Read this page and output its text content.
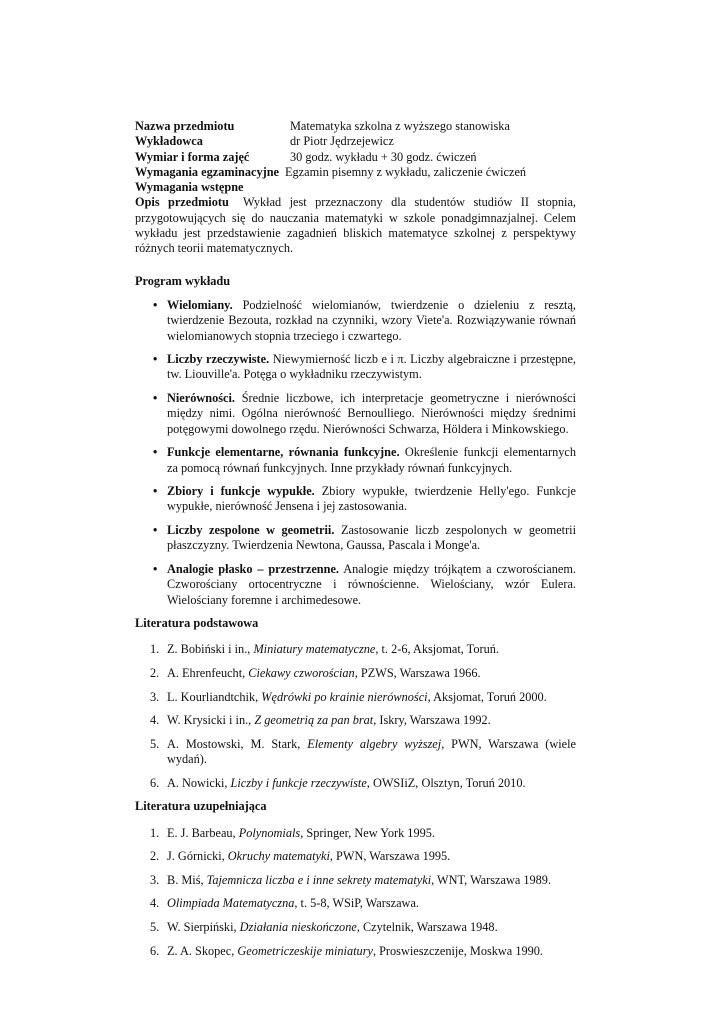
Nazwa przedmiotu	Matematyka szkolna z wyższego stanowiska
Wykładowca	dr Piotr Jędrzejewicz
Wymiar i forma zajęć	30 godz. wykładu + 30 godz. ćwiczeń
Wymagania egzaminacyjne Egzamin pisemny z wykładu, zaliczenie ćwiczeń
Wymagania wstępne
Opis przedmiotu Wykład jest przeznaczony dla studentów studiów II stopnia, przygotowujących się do nauczania matematyki w szkole ponadgimnazjalnej. Celem wykładu jest przedstawienie zagadnień bliskich matematyce szkolnej z perspektywy różnych teorii matematycznych.
Program wykładu
• Wielomiany. Podzielność wielomianów, twierdzenie o dzieleniu z resztą, twierdzenie Bezouta, rozkład na czynniki, wzory Viete'a. Rozwiązywanie równań wielomianowych stopnia trzeciego i czwartego.
• Liczby rzeczywiste. Niewymierność liczb e i π. Liczby algebraiczne i przestępne, tw. Liouville'a. Potęga o wykładniku rzeczywistym.
• Nierówności. Średnie liczbowe, ich interpretacje geometryczne i nierówności między nimi. Ogólna nierówność Bernoulliego. Nierówności między średnimi potęgowymi dowolnego rzędu. Nierówności Schwarza, Höldera i Minkowskiego.
• Funkcje elementarne, równania funkcyjne. Określenie funkcji elementarnych za pomocą równań funkcyjnych. Inne przykłady równań funkcyjnych.
• Zbiory i funkcje wypukłe. Zbiory wypukłe, twierdzenie Helly'ego. Funkcje wypukłe, nierówność Jensena i jej zastosowania.
• Liczby zespolone w geometrii. Zastosowanie liczb zespolonych w geometrii płaszczyzny. Twierdzenia Newtona, Gaussa, Pascala i Monge'a.
• Analogie płasko – przestrzenne. Analogie między trójkątem a czworościanem. Czworościany ortocentryczne i równościenne. Wielościany, wzór Eulera. Wielościany foremne i archimedesowe.
Literatura podstawowa
1. Z. Bobiński i in., Miniatury matematyczne, t. 2-6, Aksjomat, Toruń.
2. A. Ehrenfeucht, Ciekawy czworościan, PZWS, Warszawa 1966.
3. L. Kourliandtchik, Wędrówki po krainie nierówności, Aksjomat, Toruń 2000.
4. W. Krysicki i in., Z geometrią za pan brat, Iskry, Warszawa 1992.
5. A. Mostowski, M. Stark, Elementy algebry wyższej, PWN, Warszawa (wiele wydań).
6. A. Nowicki, Liczby i funkcje rzeczywiste, OWSIiZ, Olsztyn, Toruń 2010.
Literatura uzupełniająca
1. E. J. Barbeau, Polynomials, Springer, New York 1995.
2. J. Górnicki, Okruchy matematyki, PWN, Warszawa 1995.
3. B. Miś, Tajemnicza liczba e i inne sekrety matematyki, WNT, Warszawa 1989.
4. Olimpiada Matematyczna, t. 5-8, WSiP, Warszawa.
5. W. Sierpiński, Działania nieskończone, Czytelnik, Warszawa 1948.
6. Z. A. Skopec, Geometriczeskije miniatury, Proswieszczenije, Moskwa 1990.
